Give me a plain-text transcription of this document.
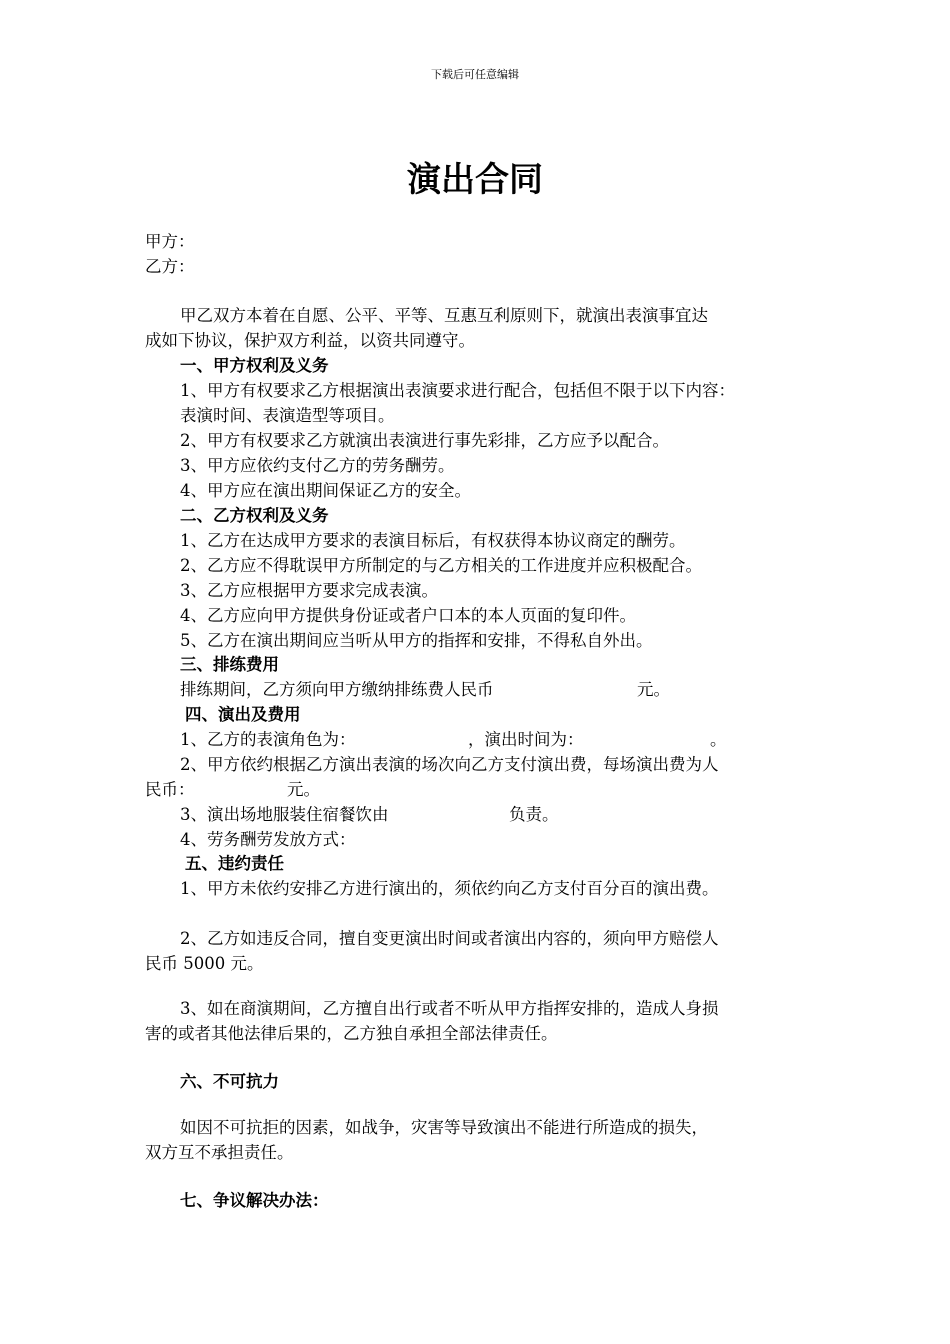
下载后可任意编辑
演出合同
甲方：
乙方：
甲乙双方本着在自愿、公平、平等、互惠互利原则下，就演出表演事宜达
成如下协议，保护双方利益，以资共同遵守。
一、甲方权利及义务
1、甲方有权要求乙方根据演出表演要求进行配合，包括但不限于以下内容：
表演时间、表演造型等项目。
2、甲方有权要求乙方就演出表演进行事先彩排，乙方应予以配合。
3、甲方应依约支付乙方的劳务酬劳。
4、甲方应在演出期间保证乙方的安全。
二、乙方权利及义务
1、乙方在达成甲方要求的表演目标后，有权获得本协议商定的酬劳。
2、乙方应不得耽误甲方所制定的与乙方相关的工作进度并应积极配合。
3、乙方应根据甲方要求完成表演。
4、乙方应向甲方提供身份证或者户口本的本人页面的复印件。
5、乙方在演出期间应当听从甲方的指挥和安排，不得私自外出。
三、排练费用
排练期间，乙方须向甲方缴纳排练费人民币	元。
四、演出及费用
1、乙方的表演角色为：	，演出时间为：	。
2、甲方依约根据乙方演出表演的场次向乙方支付演出费，每场演出费为人
民币：	元。
3、演出场地服装住宿餐饮由	负责。
4、劳务酬劳发放方式：
五、违约责任
1、甲方未依约安排乙方进行演出的，须依约向乙方支付百分百的演出费。
2、乙方如违反合同，擅自变更演出时间或者演出内容的，须向甲方赔偿人
民币 5000 元。
3、如在商演期间，乙方擅自出行或者不听从甲方指挥安排的，造成人身损
害的或者其他法律后果的，乙方独自承担全部法律责任。
六、不可抗力
如因不可抗拒的因素，如战争，灾害等导致演出不能进行所造成的损失，
双方互不承担责任。
七、争议解决办法：
